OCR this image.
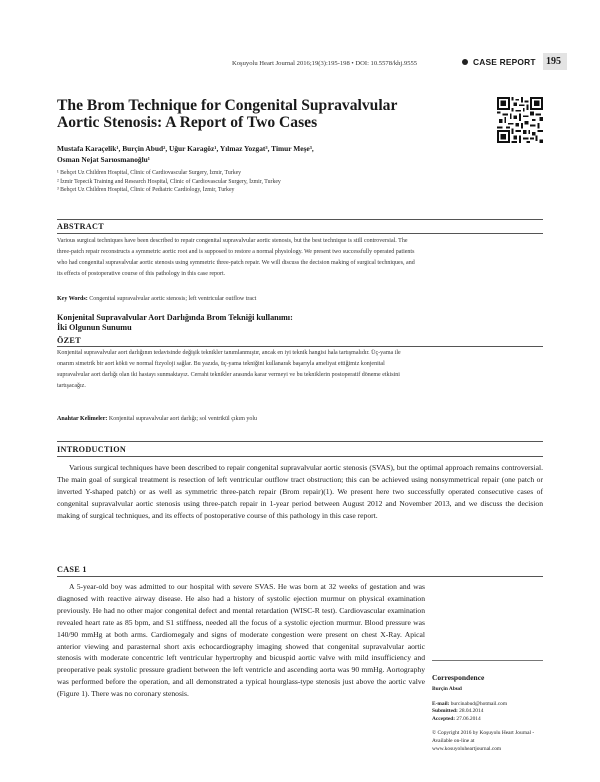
Koşuyolu Heart Journal 2016;19(3):195-198 • DOI: 10.5578/khj.9555	CASE REPORT 195
The Brom Technique for Congenital Supravalvular
Aortic Stenosis: A Report of Two Cases
Mustafa Karaçelik¹, Burçin Abud², Uğur Karagöz¹, Yılmaz Yozgat³, Timur Meşe³,
Osman Nejat Sarıosmanoğlu¹
¹ Behçet Uz Children Hospital, Clinic of Cardiovascular Surgery, İzmir, Turkey
² İzmir Tepecik Training and Research Hospital, Clinic of Cardiovascular Surgery, İzmir, Turkey
³ Behçet Uz Children Hospital, Clinic of Pediatric Cardiology, İzmir, Turkey
ABSTRACT
Various surgical techniques have been described to repair congenital supravalvular aortic stenosis, but the best technique is still controversial. The three-patch repair reconstructs a symmetric aortic root and is supposed to restore a normal physiology. We present two successfully operated patients who had congenital supravalvular aortic stenosis using symmetric three-patch repair. We will discuss the decision making of surgical techniques, and its effects of postoperative course of this pathology in this case report.
Key Words: Congenital supravalvular aortic stenosis; left ventricular outflow tract
Konjenital Supravalvular Aort Darlığında Brom Tekniği kullanımı:
İki Olgunun Sunumu
ÖZET
Konjenital supravalvular aort darlığının tedavisinde değişik teknikler tanımlanmıştır, ancak en iyi teknik hangisi hala tartışmalıdır. Üç-yama ile onarım simetrik bir aort kökü ve normal fizyoloji sağlar. Bu yazıda, üç-yama tekniğini kullanarak başarıyla ameliyat ettiğimiz konjenital supravalvular aort darlığı olan iki hastayı sunmaktayız. Cerrahi teknikler arasında karar vermeyi ve bu tekniklerin postoperatif döneme etkisini tartışacağız.
Anahtar Kelimeler: Konjenital supravalvular aort darlığı; sol ventrikül çıkım yolu
INTRODUCTION

Various surgical techniques have been described to repair congenital supravalvular aortic stenosis (SVAS), but the optimal approach remains controversial. The main goal of surgical treatment is resection of left ventricular outflow tract obstruction; this can be achieved using nonsymmetrical repair (one patch or inverted Y-shaped patch) or as well as symmetric three-patch repair (Brom repair)(1). We present here two successfully operated consecutive cases of congenital supravalvular aortic stenosis using three-patch repair in 1-year period between August 2012 and November 2013, and we discuss the decision making of surgical techniques, and its effects of postoperative course of this pathology in this case report.

CASE 1

A 5-year-old boy was admitted to our hospital with severe SVAS. He was born at 32 weeks of gestation and was diagnosed with reactive airway disease. He also had a history of systolic ejection murmur on physical examination previously. He had no other major congenital defect and mental retardation (WISC-R test). Cardiovascular examination revealed heart rate as 85 bpm, and S1 stiffness, needed all the focus of a systolic ejection murmur. Blood pressure was 140/90 mmHg at both arms. Cardiomegaly and signs of moderate congestion were present on chest X-Ray. Apical anterior viewing and parasternal short axis echocardiography imaging showed that congenital supravalvular aortic stenosis with moderate concentric left ventricular hypertrophy and bicuspid aortic valve with mild insufficiency and preoperative peak systolic pressure gradient between the left ventricle and ascending aorta was 90 mmHg. Aortography was performed before the operation, and all demonstrated a typical hourglass-type stenosis just above the aortic valve (Figure 1). There was no coronary stenosis.

Correspondence
Burçin Abud
E-mail: burcinabud@hotmail.com
Submitted: 28.04.2014
Accepted: 27.06.2014
© Copyright 2016 by Koşuyolu Heart Journal - Available on-line at
www.kosuyoluheartjournal.com
